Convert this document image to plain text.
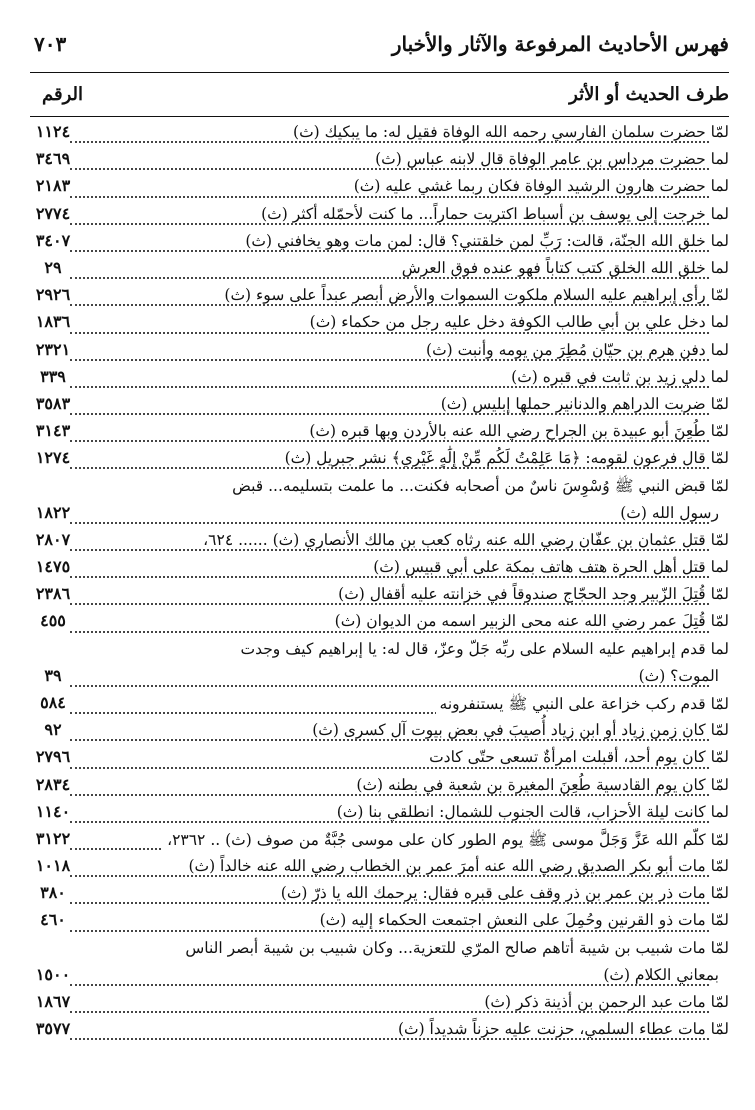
فهرس الأحاديث المرفوعة والآثار والأخبار
٧٠٣
طرف الحديث أو الأثر
الرقم
لمّا حضرت سلمان الفارسي رحمه الله الوفاة فقيل له: ما يبكيك (ث)
١١٢٤
لما حضرت مرداس بن عامر الوفاة قال لابنه عباس (ث)
٣٤٦٩
لما حضرت هارون الرشيد الوفاة فكان ربما غشي عليه (ث)
٢١٨٣
لما خرجت إلى يوسف بن أسباط اكتريت حماراً... ما كنت لأحمّله أكثر (ث)
٢٧٧٤
لما خلق الله الجنّة، قالت: رَبِّ لمن خلقتني؟ قال: لمن مات وهو يخافني (ث)
٣٤٠٧
لما خلق الله الخلق كتب كتاباً فهو عنده فوق العرش
٢٩
لمّا رأى إبراهيم عليه السلام ملكوت السموات والأرض أبصر عبداً على سوء (ث)
٢٩٢٦
لما دخل علي بن أبي طالب الكوفة دخل عليه رجل من حكماء (ث)
١٨٣٦
لما دفن هرم بن حيّان مُطِرَ من يومه وأنبت (ث)
٢٣٢١
لما دلي زيد بن ثابت في قبره (ث)
٣٣٩
لمّا ضربت الدراهم والدنانير حملها إبليس (ث)
٣٥٨٣
لمّا طُعِنَ أبو عبيدة بن الجراح رضي الله عنه بالأردن وبها قبره (ث)
٣١٤٣
لمّا قال فرعون لقومه: ﴿مَا عَلِمْتُ لَكُم مِّنْ إِلَٰهٍ غَيْرِي﴾ نشر جبريل (ث)
١٢٧٤
لمّا قبض النبي ﷺ وُسْوِسَ ناسٌ من أصحابه فكنت... ما علمت بتسليمه... قبض
رسول الله (ث)
١٨٢٢
لمّا قتل عثمان بن عفّان رضي الله عنه رثاه كعب بن مالك الأنصاري (ث) ...... ٦٢٤،
٢٨٠٧
لما قتل أهل الحرة هتف هاتف بمكة على أبي قبيس (ث)
١٤٧٥
لمّا قُتِلَ الزّبير وجد الحجّاج صندوقاً في خزانته عليه أقفال (ث)
٢٣٨٦
لمّا قُتِلَ عمر رضي الله عنه محى الزبير اسمه من الديوان (ث)
٤٥٥
لما قدم إبراهيم عليه السلام على ربِّه جَلّ وعزّ، قال له: يا إبراهيم كيف وجدت
الموت؟ (ث)
٣٩
لمّا قدم ركب خزاعة على النبي ﷺ يستنفرونه
٥٨٤
لمّا كان زمن زياد أو ابن زياد أُصيبَ في بعض بيوت آل كسرى (ث)
٩٢
لمّا كان يوم أحد، أقبلت امرأةٌ تسعى حتّى كادت
٢٧٩٦
لمّا كان يوم القادسية طُعِنَ المغيرة بن شعبة في بطنه (ث)
٢٨٣٤
لما كانت ليلة الأحزاب، قالت الجنوب للشمال: انطلقي بنا (ث)
١١٤٠
لمّا كلّم الله عَزَّ وَجَلَّ موسى ﷺ يوم الطور كان على موسى جُبَّةٌ من صوف (ث) .. ٢٣٦٢،
٣١٢٢
لمّا مات أبو بكر الصديق رضي الله عنه أمرَ عمر بن الخطاب رضي الله عنه خالداً (ث)
١٠١٨
لمّا مات ذر بن عمر بن ذر وقف على قبره فقال: يرحمك الله يا ذرّ (ث)
٣٨٠
لمّا مات ذو القرنين وحُمِلَ على النعش اجتمعت الحكماء إليه (ث)
٤٦٠
لمّا مات شبيب بن شيبة أتاهم صالح المرّي للتعزية... وكان شبيب بن شيبة أبصر الناس
بمعاني الكلام (ث)
١٥٠٠
لمّا مات عبد الرحمن بن أذينة ذكر (ث)
١٨٦٧
لمّا مات عطاء السلمي، حزنت عليه حزناً شديداً (ث)
٣٥٧٧
